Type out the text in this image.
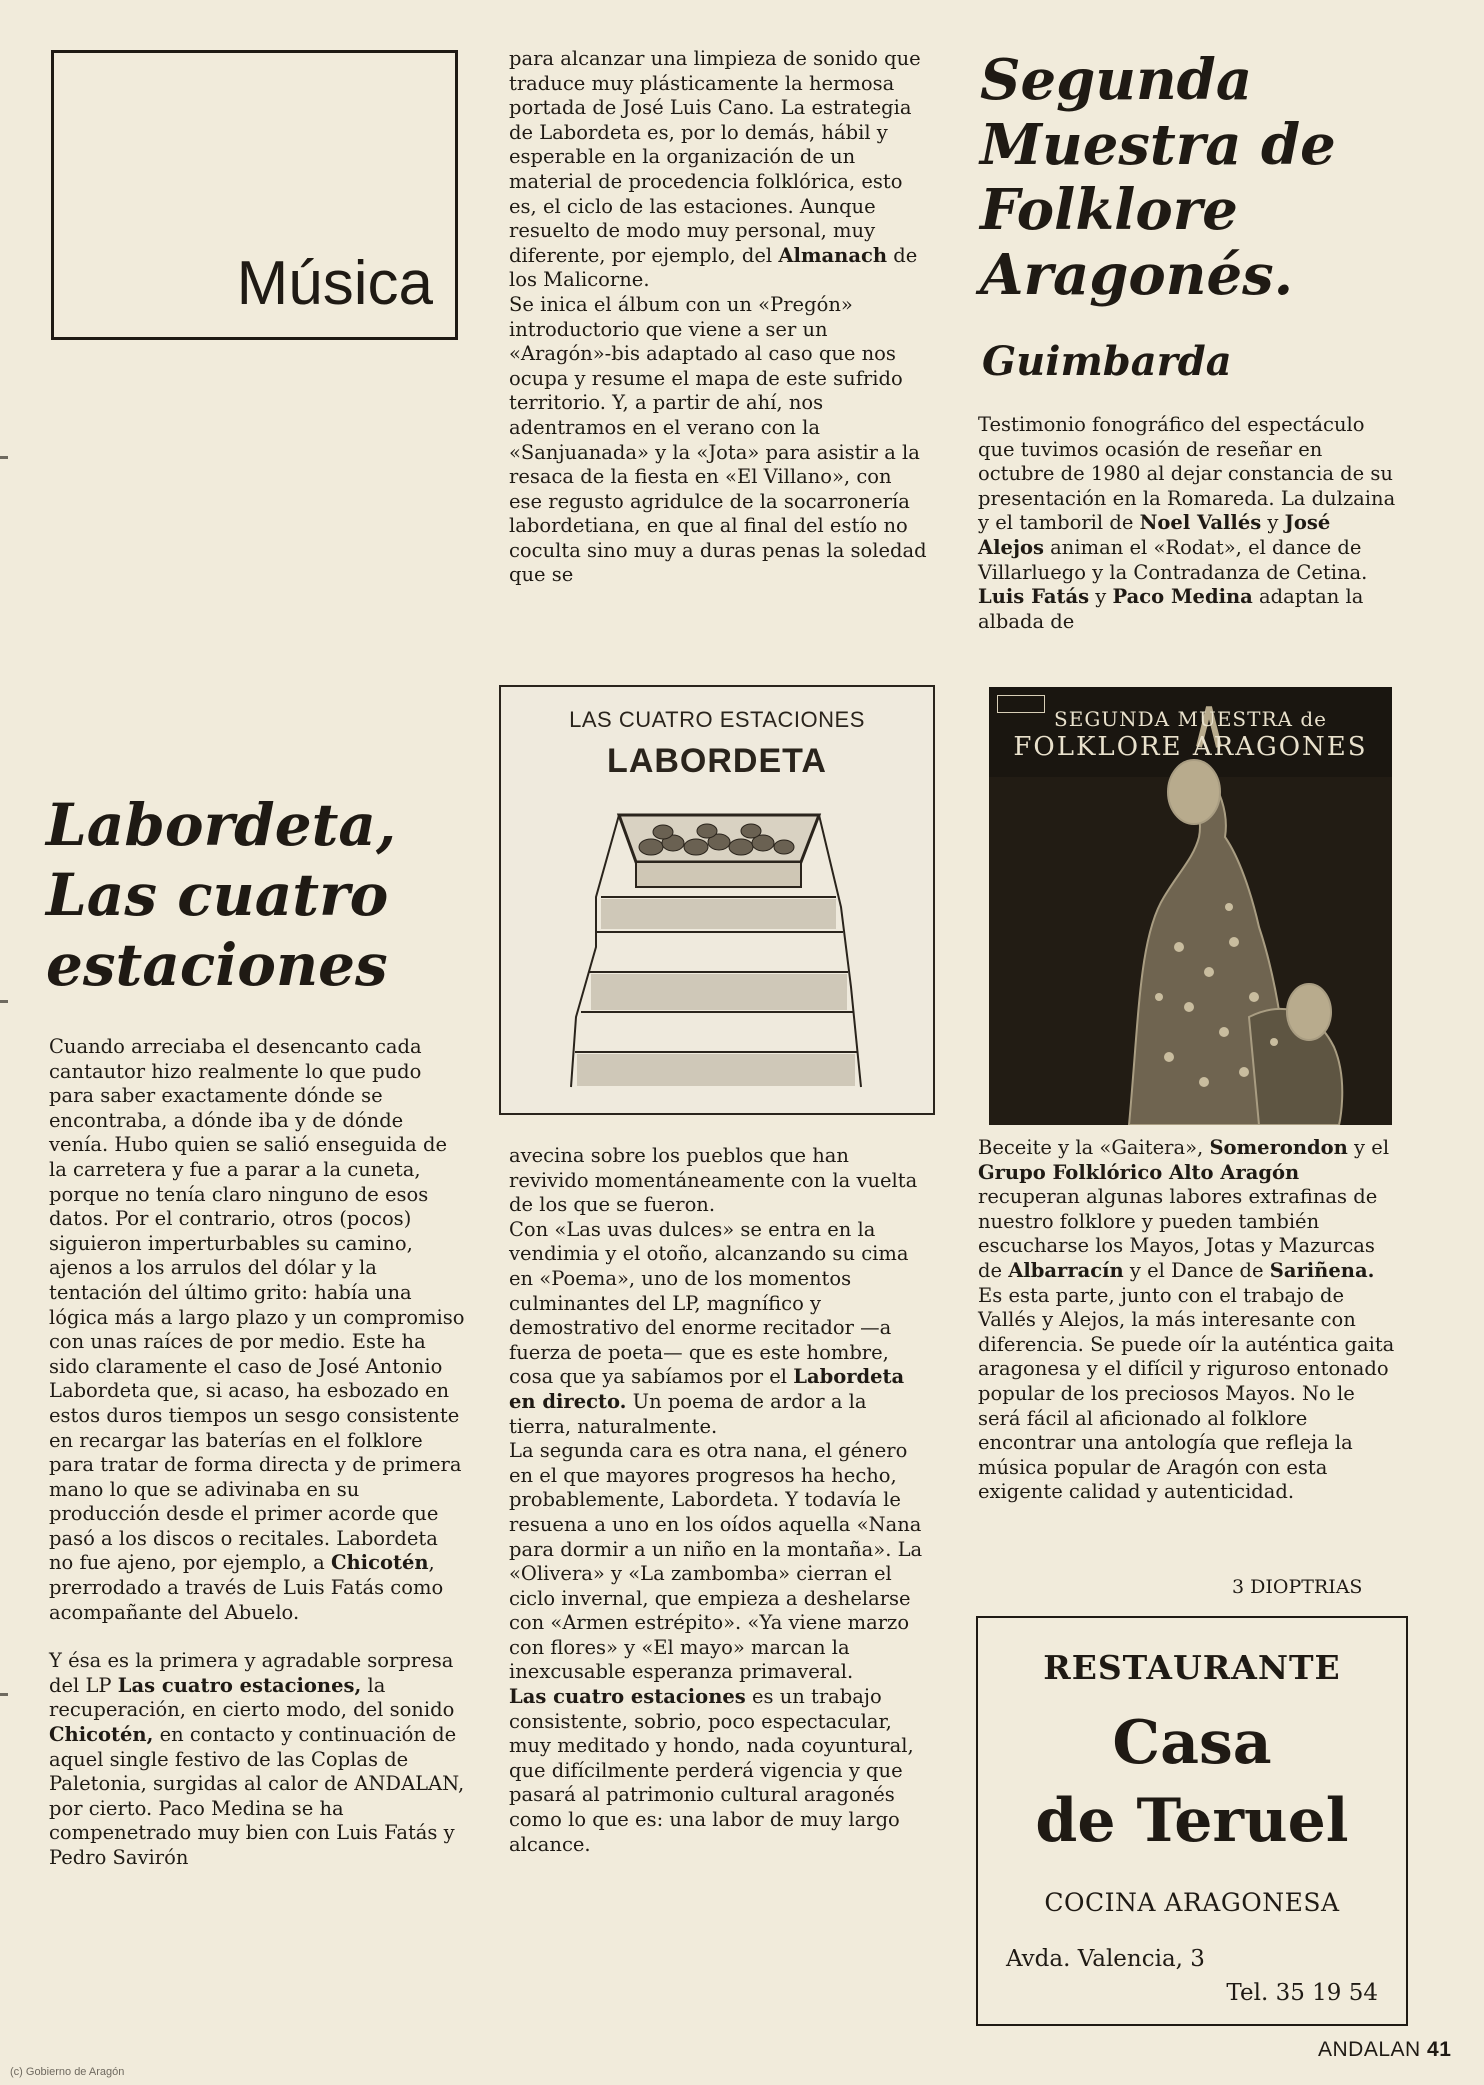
Música
Labordeta, Las cuatro estaciones
Cuando arreciaba el desencanto cada cantautor hizo realmente lo que pudo para saber exactamente dónde se encontraba, a dónde iba y de dónde venía. Hubo quien se salió enseguida de la carretera y fue a parar a la cuneta, porque no tenía claro ninguno de esos datos. Por el contrario, otros (pocos) siguieron imperturbables su camino, ajenos a los arrulos del dólar y la tentación del último grito: había una lógica más a largo plazo y un compromiso con unas raíces de por medio. Este ha sido claramente el caso de José Antonio Labordeta que, si acaso, ha esbozado en estos duros tiempos un sesgo consistente en recargar las baterías en el folklore para tratar de forma directa y de primera mano lo que se adivinaba en su producción desde el primer acorde que pasó a los discos o recitales. Labordeta no fue ajeno, por ejemplo, a Chicotén, prerrodado a través de Luis Fatás como acompañante del Abuelo.
Y ésa es la primera y agradable sorpresa del LP Las cuatro estaciones, la recuperación, en cierto modo, del sonido Chicotén, en contacto y continuación de aquel single festivo de las Coplas de Paletonia, surgidas al calor de ANDALAN, por cierto. Paco Medina se ha compenetrado muy bien con Luis Fatás y Pedro Savirón
para alcanzar una limpieza de sonido que traduce muy plásticamente la hermosa portada de José Luis Cano. La estrategia de Labordeta es, por lo demás, hábil y esperable en la organización de un material de procedencia folklórica, esto es, el ciclo de las estaciones. Aunque resuelto de modo muy personal, muy diferente, por ejemplo, del Almanach de los Malicorne.
Se inica el álbum con un «Pregón» introductorio que viene a ser un «Aragón»-bis adaptado al caso que nos ocupa y resume el mapa de este sufrido territorio. Y, a partir de ahí, nos adentramos en el verano con la «Sanjuanada» y la «Jota» para asistir a la resaca de la fiesta en «El Villano», con ese regusto agridulce de la socarronería labordetiana, en que al final del estío no coculta sino muy a duras penas la soledad que se
LAS CUATRO ESTACIONES
LABORDETA
avecina sobre los pueblos que han revivido momentáneamente con la vuelta de los que se fueron.
Con «Las uvas dulces» se entra en la vendimia y el otoño, alcanzando su cima en «Poema», uno de los momentos culminantes del LP, magnífico y demostrativo del enorme recitador —a fuerza de poeta— que es este hombre, cosa que ya sabíamos por el Labordeta en directo. Un poema de ardor a la tierra, naturalmente.
La segunda cara es otra nana, el género en el que mayores progresos ha hecho, probablemente, Labordeta. Y todavía le resuena a uno en los oídos aquella «Nana para dormir a un niño en la montaña». La «Olivera» y «La zambomba» cierran el ciclo invernal, que empieza a deshelarse con «Armen estrépito». «Ya viene marzo con flores» y «El mayo» marcan la inexcusable esperanza primaveral.
Las cuatro estaciones es un trabajo consistente, sobrio, poco espectacular, muy meditado y hondo, nada coyuntural, que difícilmente perderá vigencia y que pasará al patrimonio cultural aragonés como lo que es: una labor de muy largo alcance.
Segunda Muestra de Folklore Aragonés.
Guimbarda
Testimonio fonográfico del espectáculo que tuvimos ocasión de reseñar en octubre de 1980 al dejar constancia de su presentación en la Romareda. La dulzaina y el tamboril de Noel Vallés y José Alejos animan el «Rodat», el dance de Villarluego y la Contradanza de Cetina. Luis Fatás y Paco Medina adaptan la albada de
SEGUNDA MUESTRA de
FOLKLORE ARAGONES
Beceite y la «Gaitera», Somerondon y el Grupo Folklórico Alto Aragón recuperan algunas labores extrafinas de nuestro folklore y pueden también escucharse los Mayos, Jotas y Mazurcas de Albarracín y el Dance de Sariñena. Es esta parte, junto con el trabajo de Vallés y Alejos, la más interesante con diferencia. Se puede oír la auténtica gaita aragonesa y el difícil y riguroso entonado popular de los preciosos Mayos. No le será fácil al aficionado al folklore encontrar una antología que refleja la música popular de Aragón con esta exigente calidad y autenticidad.
3 DIOPTRIAS
RESTAURANTE
Casa
de Teruel
COCINA ARAGONESA
Avda. Valencia, 3
Tel. 35 19 54
ANDALAN 41
(c) Gobierno de Aragón
